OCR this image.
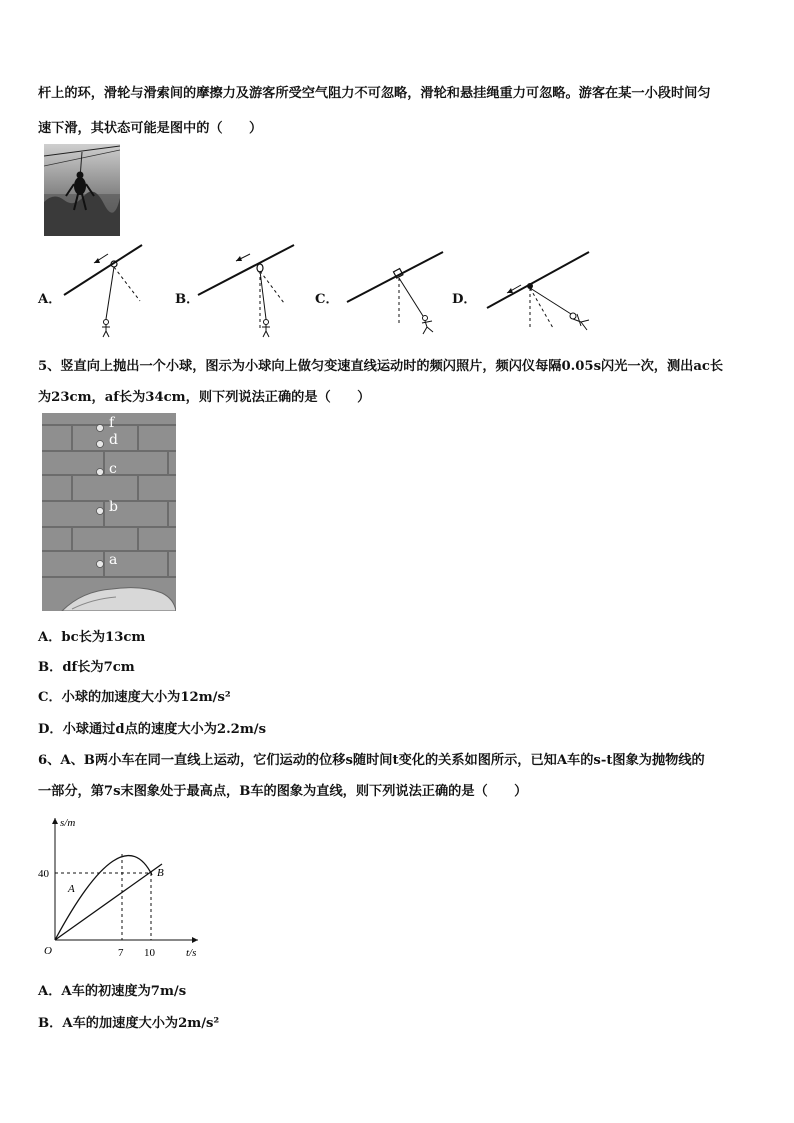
杆上的环，滑轮与滑索间的摩擦力及游客所受空气阻力不可忽略，滑轮和悬挂绳重力可忽略。游客在某一小段时间匀
速下滑，其状态可能是图中的（　　）
A．	B．	C．	D．
5、竖直向上抛出一个小球，图示为小球向上做匀变速直线运动时的频闪照片，频闪仪每隔0.05s闪光一次，测出ac长
为23cm，af长为34cm，则下列说法正确的是（　　）
f
d
c
b
a
A．bc长为13cm
B．df长为7cm
C．小球的加速度大小为12m/s²
D．小球通过d点的速度大小为2.2m/s
6、A、B两小车在同一直线上运动，它们运动的位移s随时间t变化的关系如图所示，已知A车的s-t图象为抛物线的
一部分，第7s末图象处于最高点，B车的图象为直线，则下列说法正确的是（　　）
s/m
t/s
O
40
7 10
A
B
A．A车的初速度为7m/s
B．A车的加速度大小为2m/s²
